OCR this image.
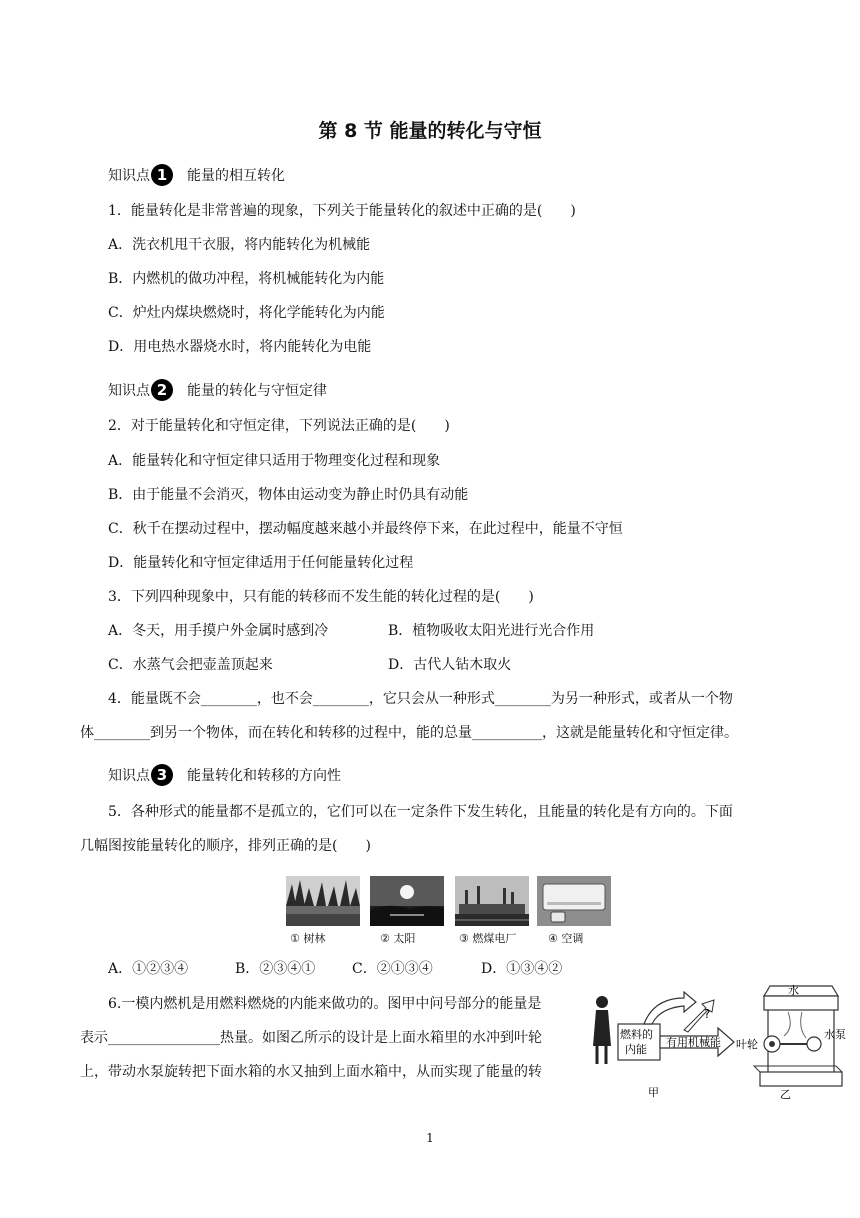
第 8 节 能量的转化与守恒
知识点 1	能量的相互转化
1．能量转化是非常普遍的现象，下列关于能量转化的叙述中正确的是(　　)
A．洗衣机甩干衣服，将内能转化为机械能
B．内燃机的做功冲程，将机械能转化为内能
C．炉灶内煤块燃烧时，将化学能转化为内能
D．用电热水器烧水时，将内能转化为电能
知识点 2	能量的转化与守恒定律
2．对于能量转化和守恒定律，下列说法正确的是(　　)
A．能量转化和守恒定律只适用于物理变化过程和现象
B．由于能量不会消灭，物体由运动变为静止时仍具有动能
C．秋千在摆动过程中，摆动幅度越来越小并最终停下来，在此过程中，能量不守恒
D．能量转化和守恒定律适用于任何能量转化过程
3．下列四种现象中，只有能的转移而不发生能的转化过程的是(　　)
A．冬天，用手摸户外金属时感到冷	B．植物吸收太阳光进行光合作用
C．水蒸气会把壶盖顶起来	D．古代人钻木取火
4．能量既不会________，也不会________，它只会从一种形式________为另一种形式，或者从一个物
体________到另一个物体，而在转化和转移的过程中，能的总量__________，这就是能量转化和守恒定律。
知识点 3	能量转化和转移的方向性
5．各种形式的能量都不是孤立的，它们可以在一定条件下发生转化，且能量的转化是有方向的。下面
几幅图按能量转化的顺序，排列正确的是(　　)
① 树林	② 太阳	③ 燃煤电厂	④ 空调
A．①②③④	B．②③④①	C．②①③④	D．①③④②
6.一模内燃机是用燃料燃烧的内能来做功的。图甲中问号部分的能量是
表示________________热量。如图乙所示的设计是上面水箱里的水冲到叶轮
上，带动水泵旋转把下面水箱的水又抽到上面水箱中，从而实现了能量的转
燃料的
内能
有用机械能
?
甲
水
叶轮
水泵
乙
1
